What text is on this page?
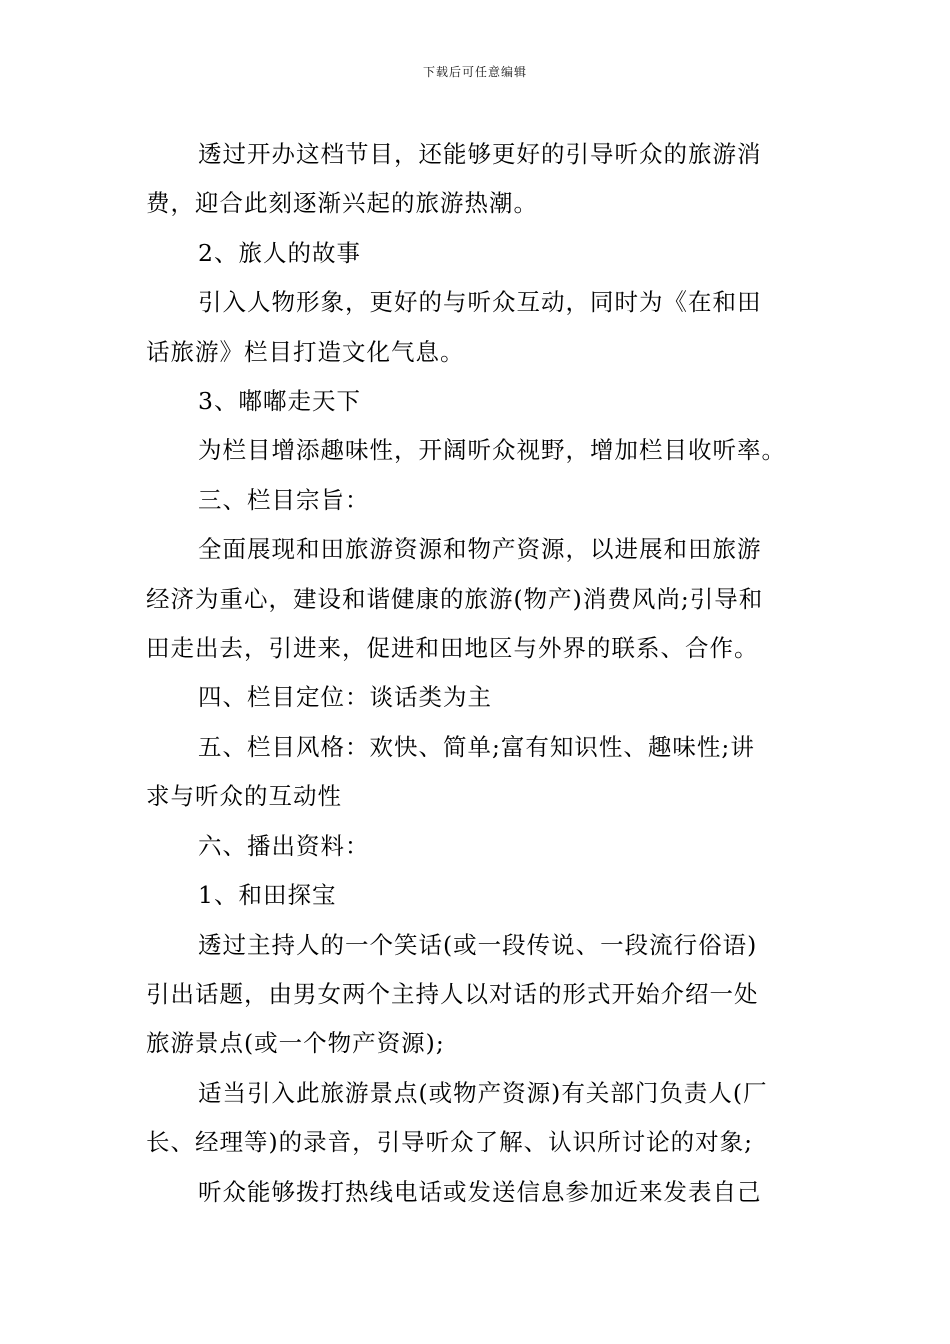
下载后可任意编辑

透过开办这档节目，还能够更好的引导听众的旅游消
费，迎合此刻逐渐兴起的旅游热潮。

2、旅人的故事

引入人物形象，更好的与听众互动，同时为《在和田
话旅游》栏目打造文化气息。

3、嘟嘟走天下

为栏目增添趣味性，开阔听众视野，增加栏目收听率。

三、栏目宗旨：

全面展现和田旅游资源和物产资源，以进展和田旅游
经济为重心，建设和谐健康的旅游(物产)消费风尚;引导和
田走出去，引进来，促进和田地区与外界的联系、合作。

四、栏目定位：谈话类为主

五、栏目风格：欢快、简单;富有知识性、趣味性;讲
求与听众的互动性

六、播出资料：

1、和田探宝

透过主持人的一个笑话(或一段传说、一段流行俗语)
引出话题，由男女两个主持人以对话的形式开始介绍一处
旅游景点(或一个物产资源);

适当引入此旅游景点(或物产资源)有关部门负责人(厂
长、经理等)的录音，引导听众了解、认识所讨论的对象;

听众能够拨打热线电话或发送信息参加近来发表自己
